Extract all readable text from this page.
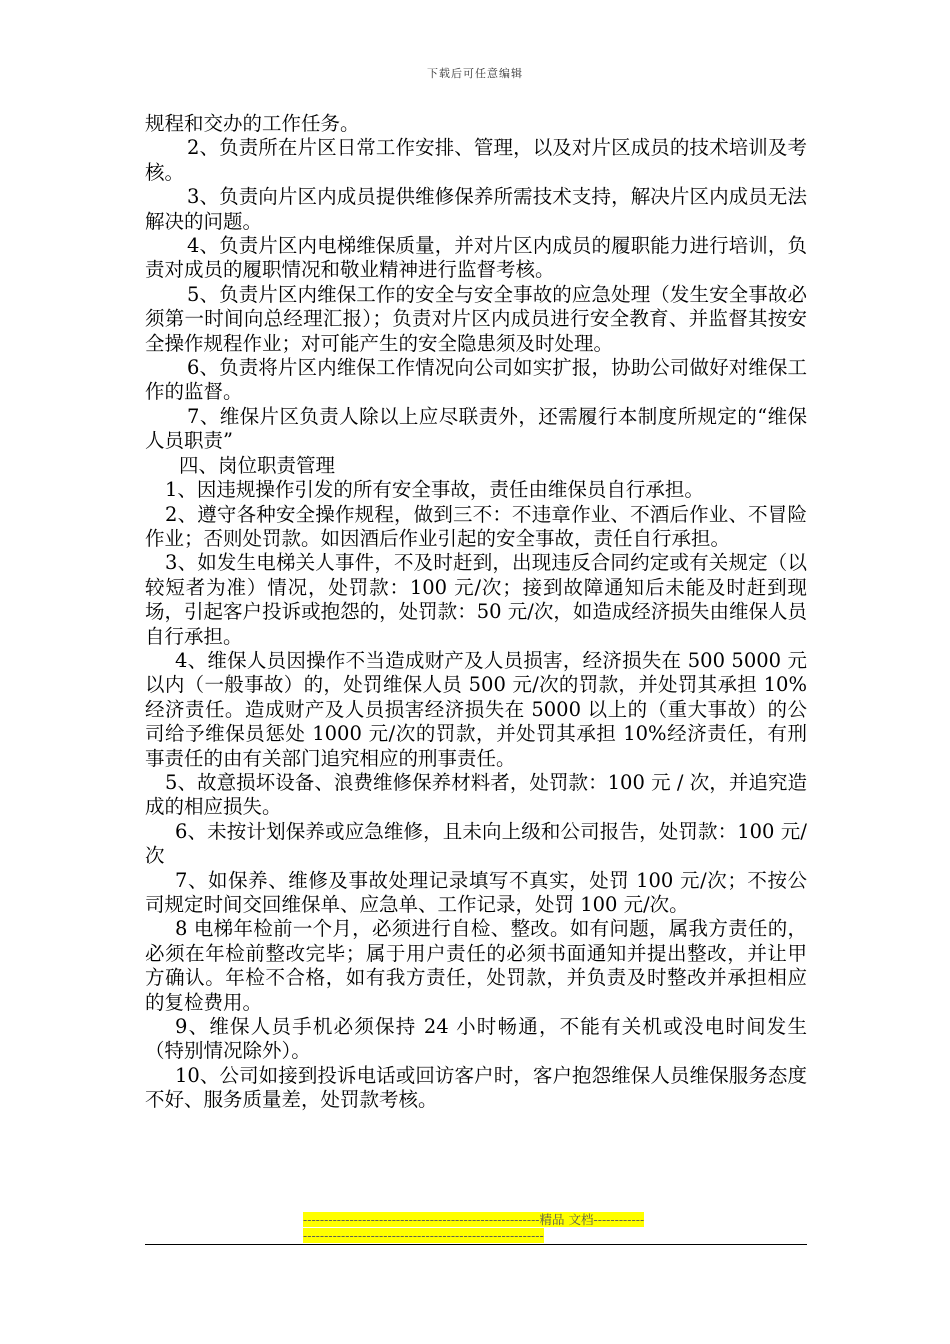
下载后可任意编辑

规程和交办的工作任务。

2、负责所在片区日常工作安排、管理，以及对片区成员的技术培训及考核。

3、负责向片区内成员提供维修保养所需技术支持，解决片区内成员无法解决的问题。

4、负责片区内电梯维保质量，并对片区内成员的履职能力进行培训，负责对成员的履职情况和敬业精神进行监督考核。

5、负责片区内维保工作的安全与安全事故的应急处理（发生安全事故必须第一时间向总经理汇报）；负责对片区内成员进行安全教育、并监督其按安全操作规程作业；对可能产生的安全隐患须及时处理。

6、负责将片区内维保工作情况向公司如实扩报，协助公司做好对维保工作的监督。

7、维保片区负责人除以上应尽联责外，还需履行本制度所规定的“维保人员职责”

四、岗位职责管理

1、因违规操作引发的所有安全事故，责任由维保员自行承担。

2、遵守各种安全操作规程，做到三不：不违章作业、不酒后作业、不冒险作业；否则处罚款。如因酒后作业引起的安全事故，责任自行承担。

3、如发生电梯关人事件，不及时赶到，出现违反合同约定或有关规定（以较短者为准）情况，处罚款：100 元/次；接到故障通知后未能及时赶到现场，引起客户投诉或抱怨的，处罚款：50 元/次，如造成经济损失由维保人员自行承担。

4、维保人员因操作不当造成财产及人员损害，经济损失在 500 5000 元以内（一般事故）的，处罚维保人员 500 元/次的罚款，并处罚其承担 10%经济责任。造成财产及人员损害经济损失在 5000 以上的（重大事故）的公司给予维保员惩处 1000 元/次的罚款，并处罚其承担 10%经济责任，有刑事责任的由有关部门追究相应的刑事责任。

5、故意损坏设备、浪费维修保养材料者，处罚款：100 元 / 次，并追究造成的相应损失。

6、未按计划保养或应急维修，且未向上级和公司报告，处罚款：100 元/次

7、如保养、维修及事故处理记录填写不真实，处罚 100 元/次；不按公司规定时间交回维保单、应急单、工作记录，处罚 100 元/次。

8 电梯年检前一个月，必须进行自检、整改。如有问题，属我方责任的，必须在年检前整改完毕；属于用户责任的必须书面通知并提出整改，并让甲方确认。年检不合格，如有我方责任，处罚款，并负责及时整改并承担相应的复检费用。

9、维保人员手机必须保持 24 小时畅通，不能有关机或没电时间发生（特别情况除外）。

10、公司如接到投诉电话或回访客户时，客户抱怨维保人员维保服务态度不好、服务质量差，处罚款考核。

--------------------------------------------------------精品 文档---------------------------------------------------------------------
